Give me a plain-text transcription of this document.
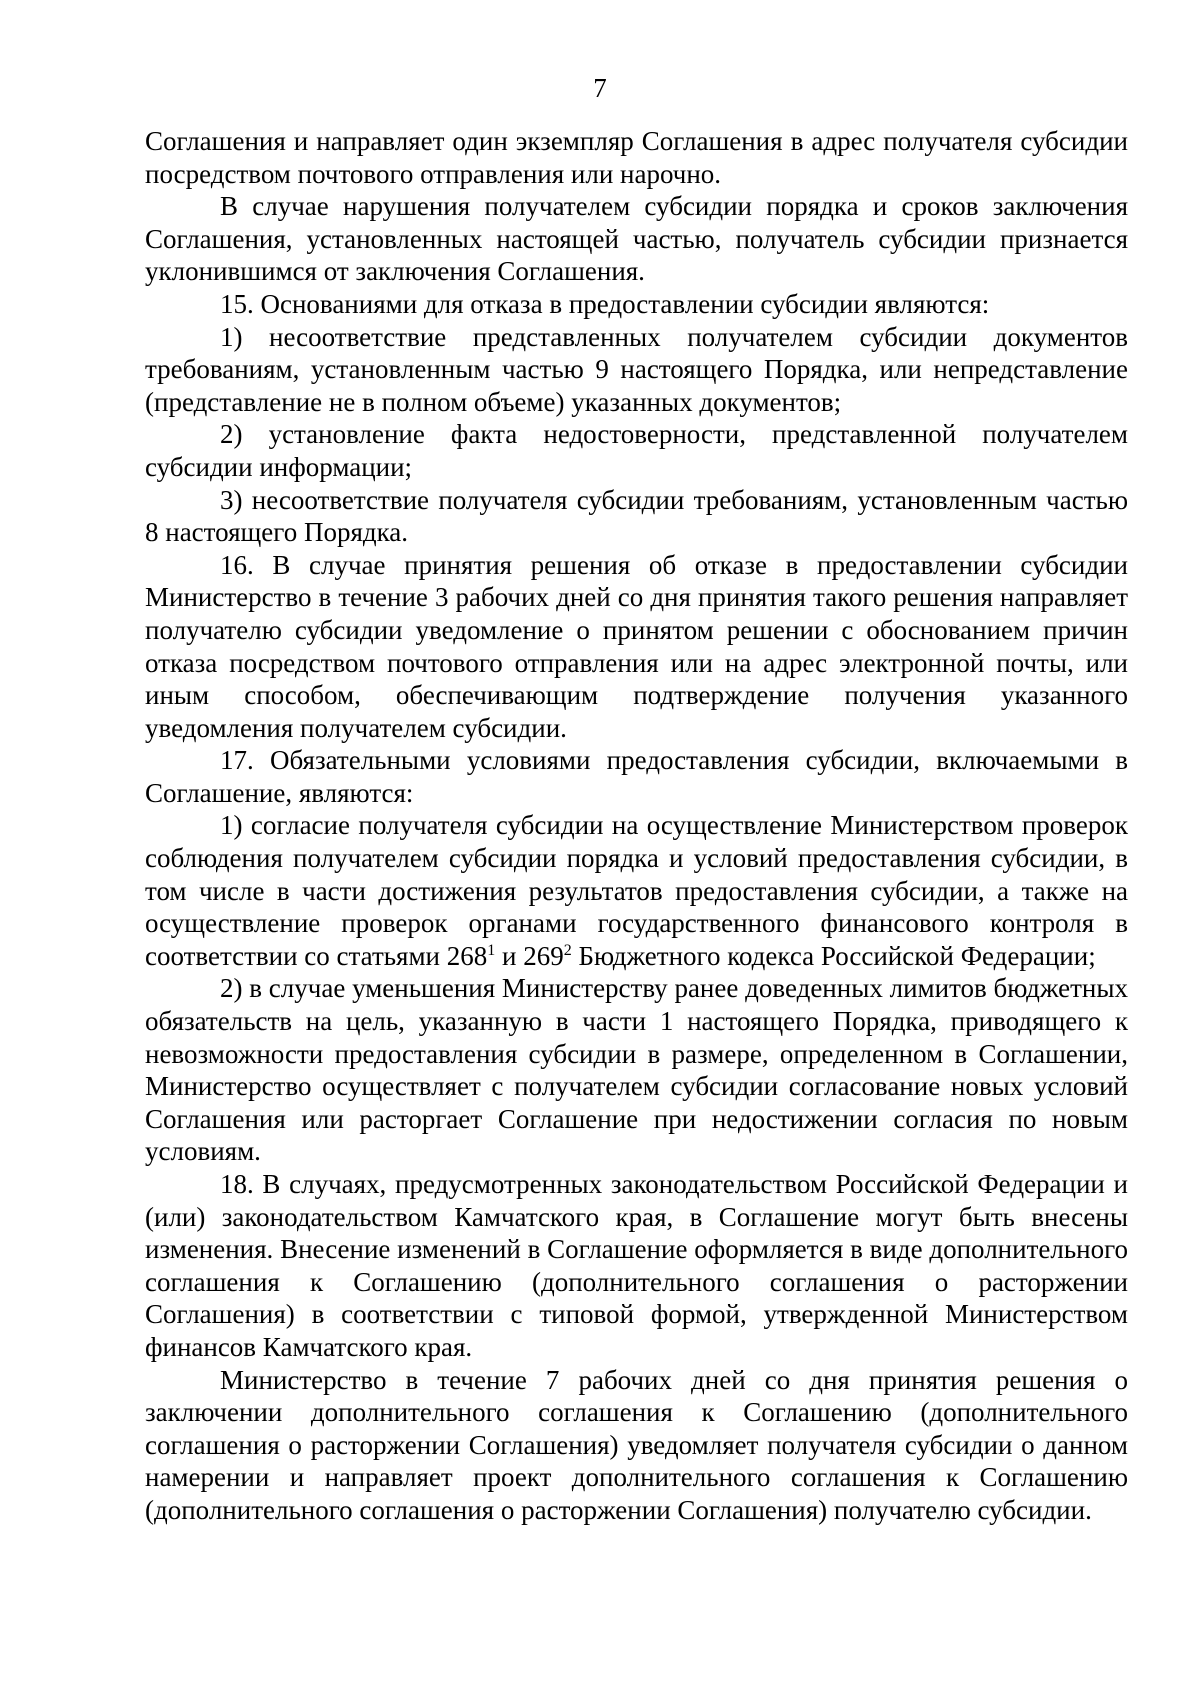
7

Соглашения и направляет один экземпляр Соглашения в адрес получателя субсидии посредством почтового отправления или нарочно.

В случае нарушения получателем субсидии порядка и сроков заключения Соглашения, установленных настоящей частью, получатель субсидии признается уклонившимся от заключения Соглашения.

15. Основаниями для отказа в предоставлении субсидии являются:

1) несоответствие представленных получателем субсидии документов требованиям, установленным частью 9 настоящего Порядка, или непредставление (представление не в полном объеме) указанных документов;

2) установление факта недостоверности, представленной получателем субсидии информации;

3) несоответствие получателя субсидии требованиям, установленным частью 8 настоящего Порядка.

16. В случае принятия решения об отказе в предоставлении субсидии Министерство в течение 3 рабочих дней со дня принятия такого решения направляет получателю субсидии уведомление о принятом решении с обоснованием причин отказа посредством почтового отправления или на адрес электронной почты, или иным способом, обеспечивающим подтверждение получения указанного уведомления получателем субсидии.

17. Обязательными условиями предоставления субсидии, включаемыми в Соглашение, являются:

1) согласие получателя субсидии на осуществление Министерством проверок соблюдения получателем субсидии порядка и условий предоставления субсидии, в том числе в части достижения результатов предоставления субсидии, а также на осуществление проверок органами государственного финансового контроля в соответствии со статьями $268^1$ и $269^2$ Бюджетного кодекса Российской Федерации;

2) в случае уменьшения Министерству ранее доведенных лимитов бюджетных обязательств на цель, указанную в части 1 настоящего Порядка, приводящего к невозможности предоставления субсидии в размере, определенном в Соглашении, Министерство осуществляет с получателем субсидии согласование новых условий Соглашения или расторгает Соглашение при недостижении согласия по новым условиям.

18. В случаях, предусмотренных законодательством Российской Федерации и (или) законодательством Камчатского края, в Соглашение могут быть внесены изменения. Внесение изменений в Соглашение оформляется в виде дополнительного соглашения к Соглашению (дополнительного соглашения о расторжении Соглашения) в соответствии с типовой формой, утвержденной Министерством финансов Камчатского края.

Министерство в течение 7 рабочих дней со дня принятия решения о заключении дополнительного соглашения к Соглашению (дополнительного соглашения о расторжении Соглашения) уведомляет получателя субсидии о данном намерении и направляет проект дополнительного соглашения к Соглашению (дополнительного соглашения о расторжении Соглашения) получателю субсидии.
